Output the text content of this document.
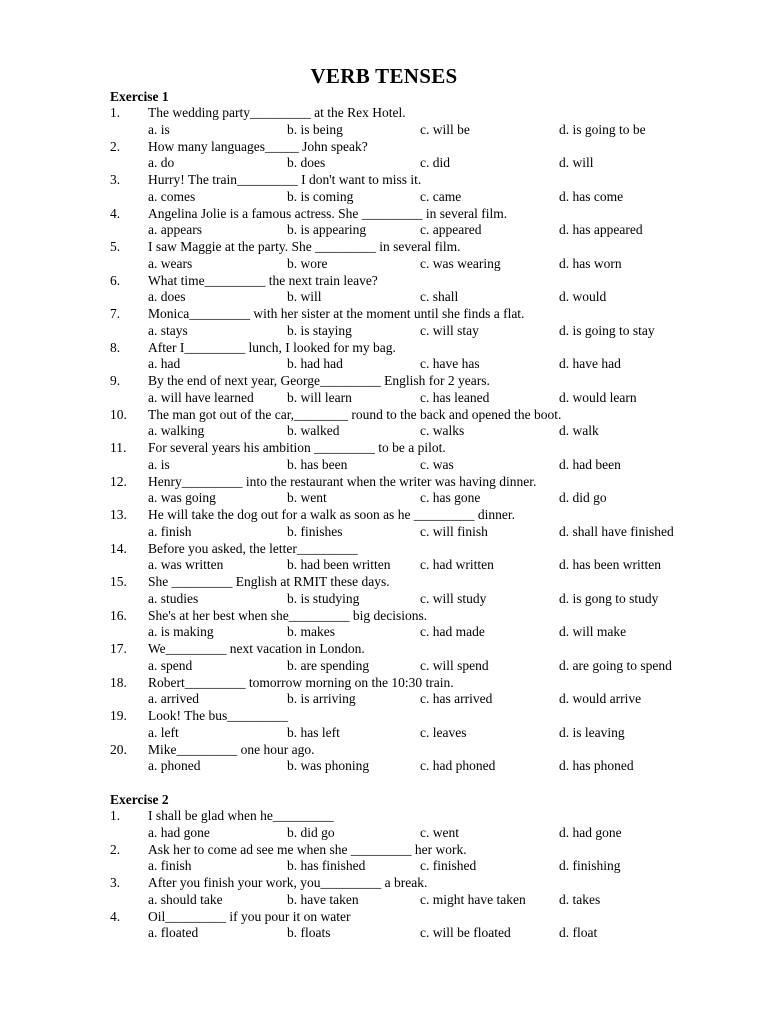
VERB TENSES
Exercise 1
1.	The wedding party_________ at the Rex Hotel.
a. is	b. is being	c. will be	d. is going to be
2.	How many languages_____ John speak?
a. do	b. does	c. did	d. will
3.	Hurry! The train_________ I don't want to miss it.
a. comes	b. is coming	c. came	d. has come
4.	Angelina Jolie is a famous actress. She _________ in several film.
a. appears	b. is appearing	c. appeared	d. has appeared
5.	I saw Maggie at the party. She _________ in several film.
a. wears	b. wore	c. was wearing	d. has worn
6.	What time_________ the next train leave?
a. does	b. will	c. shall	d. would
7.	Monica_________ with her sister at the moment until she finds a flat.
a. stays	b. is staying	c. will stay	d. is going to stay
8.	After I_________ lunch, I looked for my bag.
a. had	b. had had	c. have has	d. have had
9.	By the end of next year, George_________ English for 2 years.
a. will have learned	b. will learn	c. has leaned	d. would learn
10.	The man got out of the car,________ round to the back and opened the boot.
a. walking	b. walked	c. walks	d. walk
11.	For several years his ambition _________ to be a pilot.
a. is	b. has been	c. was	d. had been
12.	Henry_________ into the restaurant when the writer was having dinner.
a. was going	b. went	c. has gone	d. did go
13.	He will take the dog out for a walk as soon as he _________ dinner.
a. finish	b. finishes	c. will finish	d. shall have finished
14.	Before you asked, the letter_________
a. was written	b. had been written	c. had written	d. has been written
15.	She _________ English at RMIT these days.
a. studies	b. is studying	c. will study	d. is gong to study
16.	She's at her best when she_________ big decisions.
a. is making	b. makes	c. had made	d. will make
17.	We_________ next vacation in London.
a. spend	b. are spending	c. will spend	d. are going to spend
18.	Robert_________ tomorrow morning on the 10:30 train.
a. arrived	b. is arriving	c. has arrived	d. would arrive
19.	Look! The bus_________
a. left	b. has left	c. leaves	d. is leaving
20.	Mike_________ one hour ago.
a. phoned	b. was phoning	c. had phoned	d. has phoned
Exercise 2
1.	I shall be glad when he_________
a. had gone	b. did go	c. went	d. had gone
2.	Ask her to come ad see me when she _________ her work.
a. finish	b. has finished	c. finished	d. finishing
3.	After you finish your work, you_________ a break.
a. should take	b. have taken	c. might have taken	d. takes
4.	Oil_________ if you pour it on water
a. floated	b. floats	c. will be floated	d. float
